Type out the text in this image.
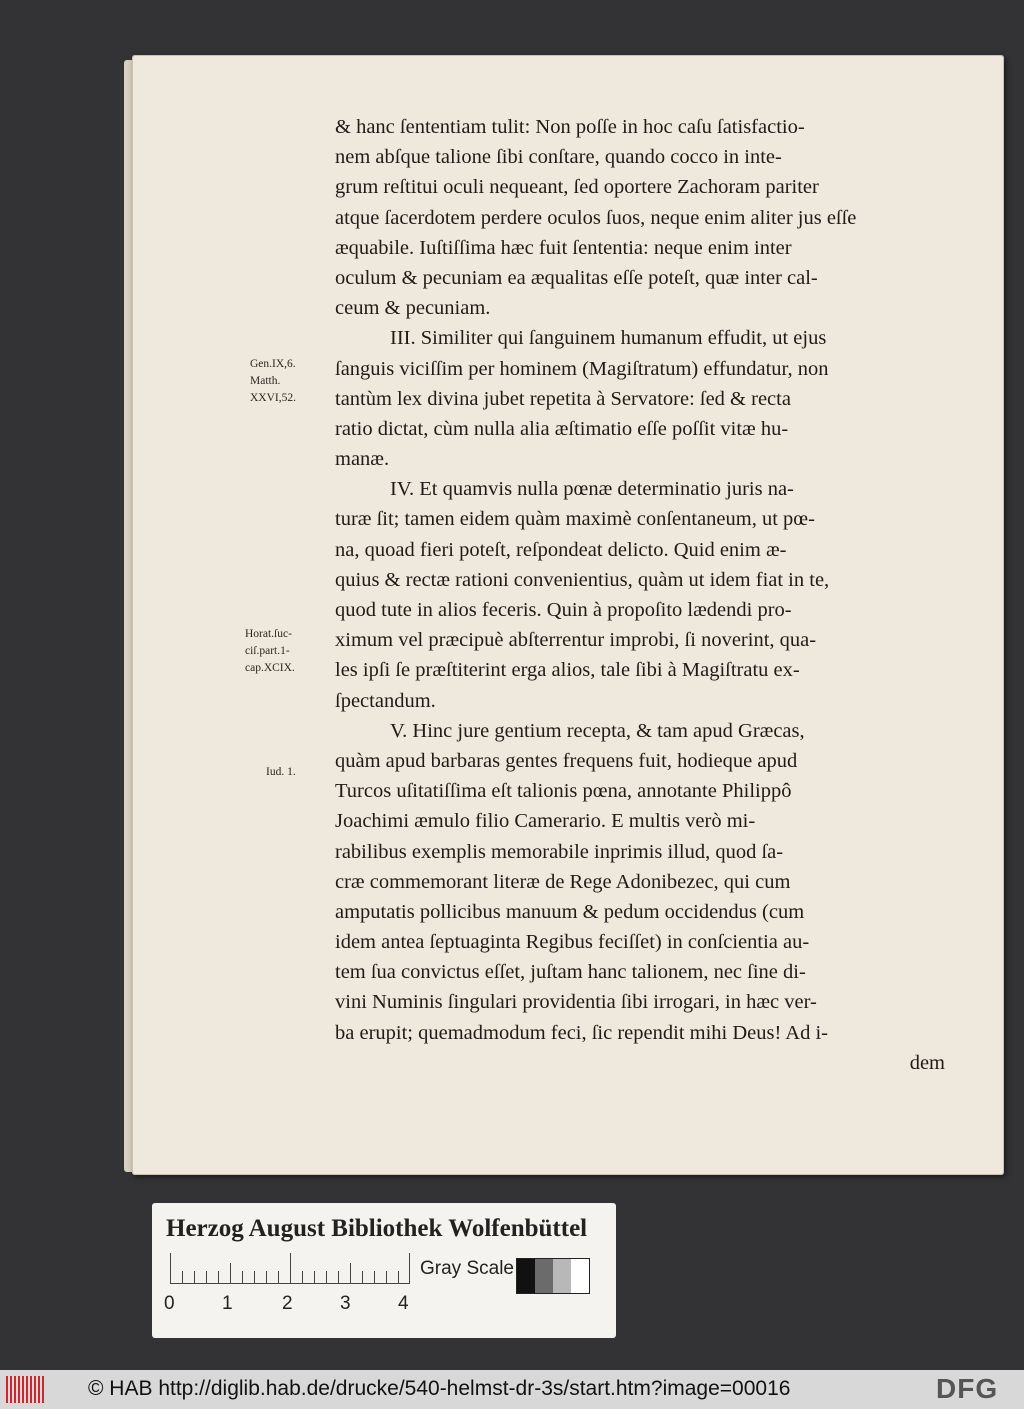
& hanc ſententiam tulit: Non poſſe in hoc caſu ſatisfactio-
nem abſque talione ſibi conſtare, quando cocco in inte-
grum reſtitui oculi nequeant, ſed oportere Zachoram pariter
atque ſacerdotem perdere oculos ſuos, neque enim aliter jus eſſe
æquabile. Iuſtiſſima hæc fuit ſententia: neque enim inter
oculum & pecuniam ea æqualitas eſſe poteſt, quæ inter cal-
ceum & pecuniam.
III. Similiter qui ſanguinem humanum effudit, ut ejus
ſanguis viciſſim per hominem (Magiſtratum) effundatur, non
tantùm lex divina jubet repetita à Servatore: ſed & recta
ratio dictat, cùm nulla alia æſtimatio eſſe poſſit vitæ hu-
manæ.
IV. Et quamvis nulla pœnæ determinatio juris na-
turæ ſit; tamen eidem quàm maximè conſentaneum, ut pœ-
na, quoad fieri poteſt, reſpondeat delicto. Quid enim æ-
quius & rectæ rationi convenientius, quàm ut idem fiat in te,
quod tute in alios feceris. Quin à propoſito lædendi pro-
ximum vel præcipuè abſterrentur improbi, ſi noverint, qua-
les ipſi ſe præſtiterint erga alios, tale ſibi à Magiſtratu ex-
ſpectandum.
V. Hinc jure gentium recepta, & tam apud Græcas,
quàm apud barbaras gentes frequens fuit, hodieque apud
Turcos uſitatiſſima eſt talionis pœna, annotante Philippô
Joachimi æmulo filio Camerario. E multis verò mi-
rabilibus exemplis memorabile inprimis illud, quod ſa-
cræ commemorant literæ de Rege Adonibezec, qui cum
amputatis pollicibus manuum & pedum occidendus (cum
idem antea ſeptuaginta Regibus feciſſet) in conſcientia au-
tem ſua convictus eſſet, juſtam hanc talionem, nec ſine di-
vini Numinis ſingulari providentia ſibi irrogari, in hæc ver-
ba erupit; quemadmodum feci, ſic rependit mihi Deus! Ad i-
dem
Gen.IX,6.
Matth.
XXVI,52.
Horat.ſuc-
ciſ.part.1-
cap.XCIX.
Iud. 1.
Herzog August Bibliothek Wolfenbüttel
0 1	2 3 4
Gray Scale
© HAB http://diglib.hab.de/drucke/540-helmst-dr-3s/start.htm?image=00016	DFG
